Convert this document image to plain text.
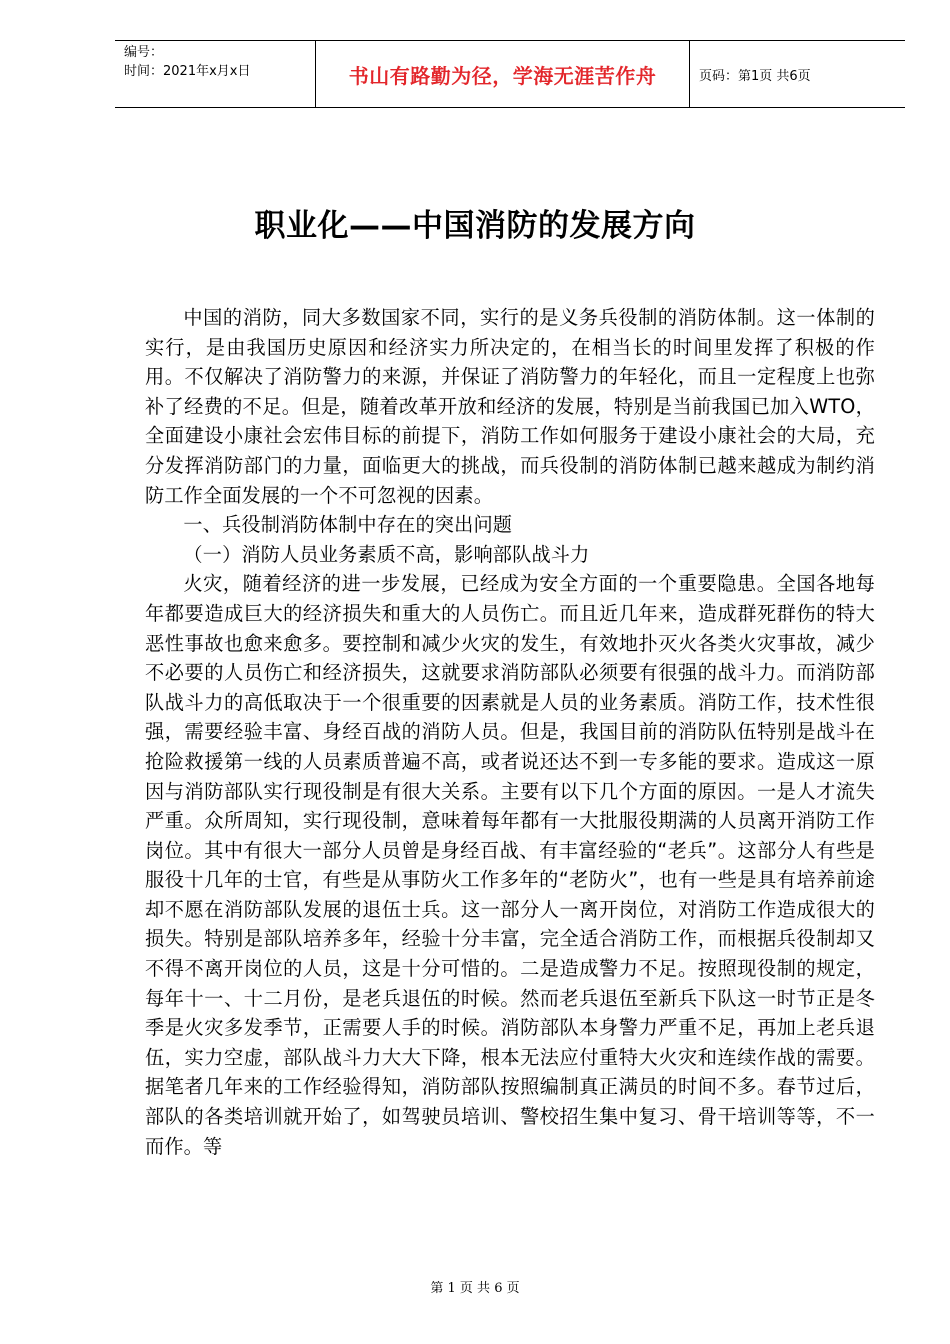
编号：
时间：2021年x月x日	书山有路勤为径，学海无涯苦作舟	页码：第1页 共6页
职业化——中国消防的发展方向

中国的消防，同大多数国家不同，实行的是义务兵役制的消防体制。这一体制的实行，是由我国历史原因和经济实力所决定的，在相当长的时间里发挥了积极的作用。不仅解决了消防警力的来源，并保证了消防警力的年轻化，而且一定程度上也弥补了经费的不足。但是，随着改革开放和经济的发展，特别是当前我国已加入WTO，全面建设小康社会宏伟目标的前提下，消防工作如何服务于建设小康社会的大局，充分发挥消防部门的力量，面临更大的挑战，而兵役制的消防体制已越来越成为制约消防工作全面发展的一个不可忽视的因素。

一、兵役制消防体制中存在的突出问题

（一）消防人员业务素质不高，影响部队战斗力

火灾，随着经济的进一步发展，已经成为安全方面的一个重要隐患。全国各地每年都要造成巨大的经济损失和重大的人员伤亡。而且近几年来，造成群死群伤的特大恶性事故也愈来愈多。要控制和减少火灾的发生，有效地扑灭火各类火灾事故，减少不必要的人员伤亡和经济损失，这就要求消防部队必须要有很强的战斗力。而消防部队战斗力的高低取决于一个很重要的因素就是人员的业务素质。消防工作，技术性很强，需要经验丰富、身经百战的消防人员。但是，我国目前的消防队伍特别是战斗在抢险救援第一线的人员素质普遍不高，或者说还达不到一专多能的要求。造成这一原因与消防部队实行现役制是有很大关系。主要有以下几个方面的原因。一是人才流失严重。众所周知，实行现役制，意味着每年都有一大批服役期满的人员离开消防工作岗位。其中有很大一部分人员曾是身经百战、有丰富经验的“老兵”。这部分人有些是服役十几年的士官，有些是从事防火工作多年的“老防火”，也有一些是具有培养前途却不愿在消防部队发展的退伍士兵。这一部分人一离开岗位，对消防工作造成很大的损失。特别是部队培养多年，经验十分丰富，完全适合消防工作，而根据兵役制却又不得不离开岗位的人员，这是十分可惜的。二是造成警力不足。按照现役制的规定，每年十一、十二月份，是老兵退伍的时候。然而老兵退伍至新兵下队这一时节正是冬季是火灾多发季节，正需要人手的时候。消防部队本身警力严重不足，再加上老兵退伍，实力空虚，部队战斗力大大下降，根本无法应付重特大火灾和连续作战的需要。据笔者几年来的工作经验得知，消防部队按照编制真正满员的时间不多。春节过后，部队的各类培训就开始了，如驾驶员培训、警校招生集中复习、骨干培训等等，不一而作。等

第 1 页 共 6 页
